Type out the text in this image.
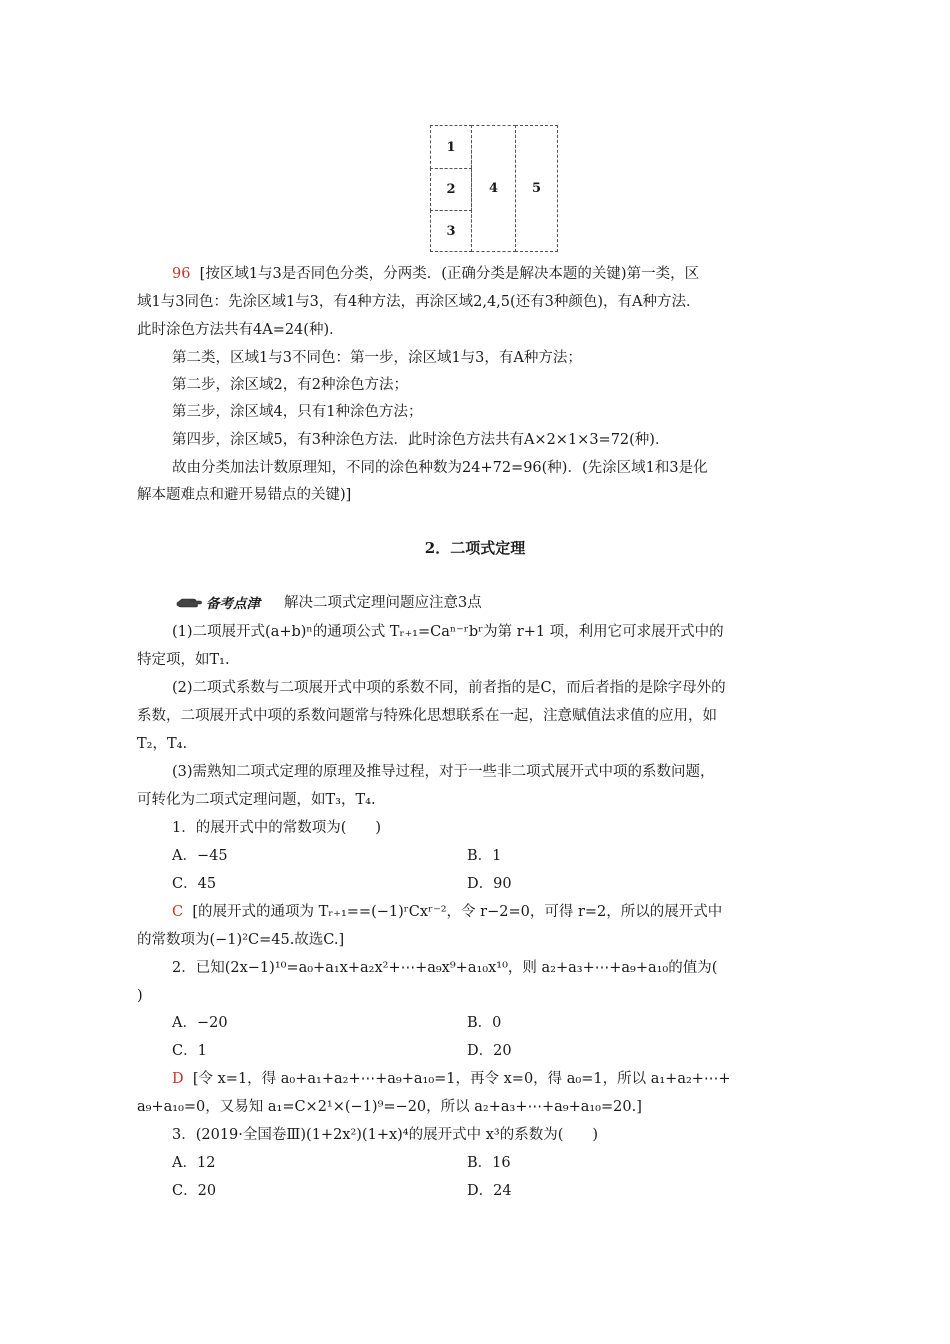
1
2
3
4	5
96 [按区域1与3是否同色分类，分两类．(正确分类是解决本题的关键)第一类，区
域1与3同色：先涂区域1与3，有4种方法，再涂区域2,4,5(还有3种颜色)，有A种方法．
此时涂色方法共有4A=24(种)．
第二类，区域1与3不同色：第一步，涂区域1与3，有A种方法；
第二步，涂区域2，有2种涂色方法；
第三步，涂区域4，只有1种涂色方法；
第四步，涂区域5，有3种涂色方法．此时涂色方法共有A×2×1×3=72(种)．
故由分类加法计数原理知，不同的涂色种数为24+72=96(种)．(先涂区域1和3是化
解本题难点和避开易错点的关键)]
2．二项式定理
备考点津 解决二项式定理问题应注意3点
(1)二项展开式(a+b)ⁿ的通项公式 Tᵣ₊₁=Caⁿ⁻ʳbʳ为第 r+1 项，利用它可求展开式中的
特定项，如T₁.
(2)二项式系数与二项展开式中项的系数不同，前者指的是C，而后者指的是除字母外的
系数，二项展开式中项的系数问题常与特殊化思想联系在一起，注意赋值法求值的应用，如
T₂，T₄.
(3)需熟知二项式定理的原理及推导过程，对于一些非二项式展开式中项的系数问题，
可转化为二项式定理问题，如T₃，T₄.
1．的展开式中的常数项为(　　)
A．−45	B．1
C．45	D．90
C [的展开式的通项为 Tᵣ₊₁==(−1)ʳCxʳ⁻²，令 r−2=0，可得 r=2，所以的展开式中
的常数项为(−1)²C=45.故选C.]
2．已知(2x−1)¹⁰=a₀+a₁x+a₂x²+⋯+a₉x⁹+a₁₀x¹⁰，则 a₂+a₃+⋯+a₉+a₁₀的值为(
)
A．−20	B．0
C．1	D．20
D [令 x=1，得 a₀+a₁+a₂+⋯+a₉+a₁₀=1，再令 x=0，得 a₀=1，所以 a₁+a₂+⋯+
a₉+a₁₀=0，又易知 a₁=C×2¹×(−1)⁹=−20，所以 a₂+a₃+⋯+a₉+a₁₀=20.]
3．(2019·全国卷Ⅲ)(1+2x²)(1+x)⁴的展开式中 x³的系数为(　　)
A．12	B．16
C．20	D．24
